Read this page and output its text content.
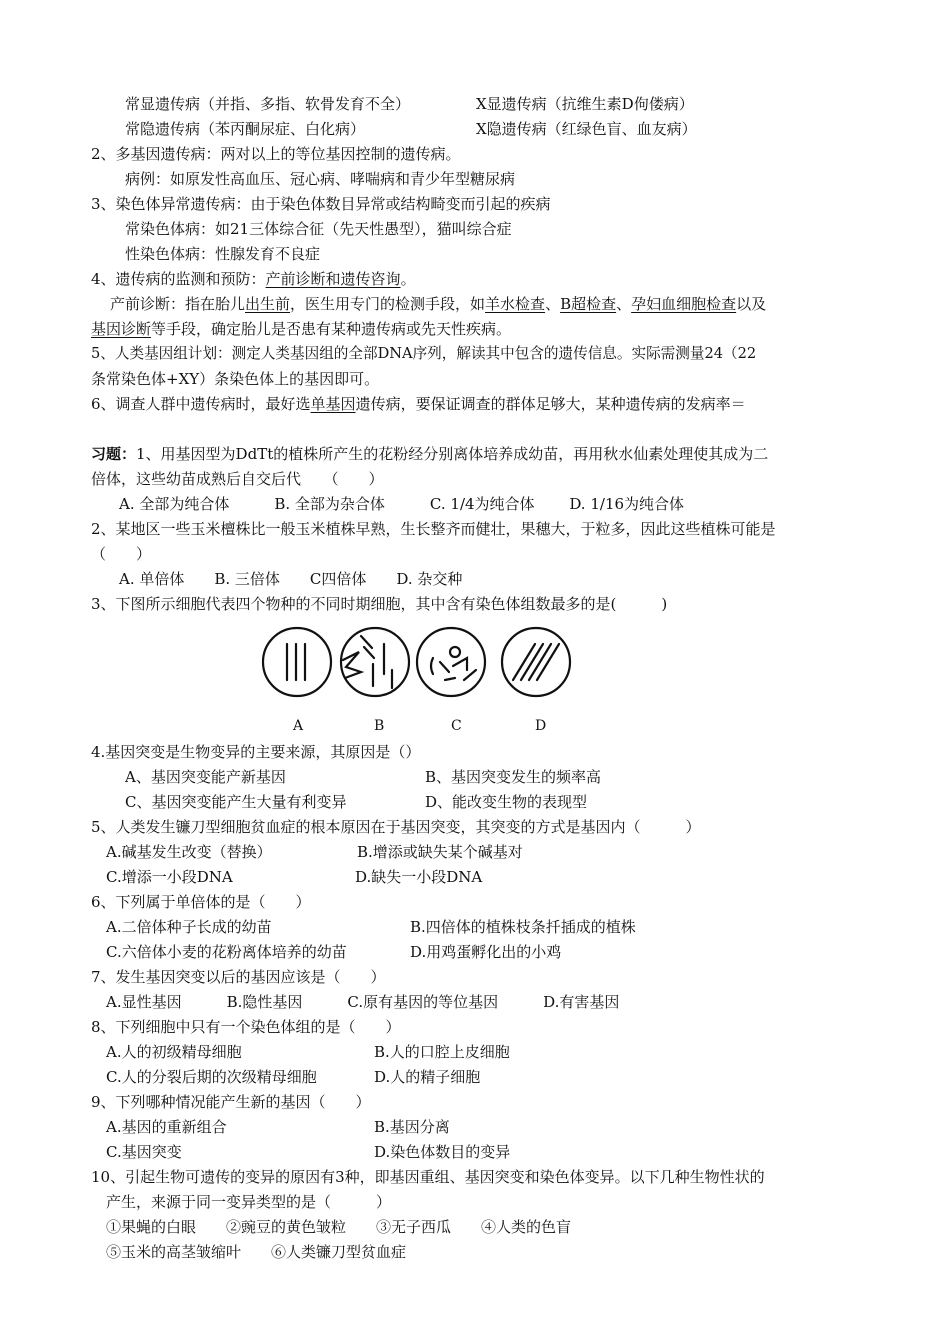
常显遗传病（并指、多指、软骨发育不全）	X显遗传病（抗维生素D佝偻病）
常隐遗传病（苯丙酮尿症、白化病）	X隐遗传病（红绿色盲、血友病）
2、多基因遗传病：两对以上的等位基因控制的遗传病。
病例：如原发性高血压、冠心病、哮喘病和青少年型糖尿病
3、染色体异常遗传病：由于染色体数目异常或结构畸变而引起的疾病
常染色体病：如21三体综合征（先天性愚型），猫叫综合症
性染色体病：性腺发育不良症
4、遗传病的监测和预防：产前诊断和遗传咨询。
产前诊断：指在胎儿出生前，医生用专门的检测手段，如羊水检查、B超检查、孕妇血细胞检查以及
基因诊断等手段，确定胎儿是否患有某种遗传病或先天性疾病。
5、人类基因组计划：测定人类基因组的全部DNA序列，解读其中包含的遗传信息。实际需测量24（22
条常染色体+XY）条染色体上的基因即可。
6、调查人群中遗传病时，最好选单基因遗传病，要保证调查的群体足够大，某种遗传病的发病率＝
习题：1、用基因型为DdTt的植株所产生的花粉经分别离体培养成幼苗，再用秋水仙素处理使其成为二
倍体，这些幼苗成熟后自交后代　　（　　）
A. 全部为纯合体　　　B. 全部为杂合体　　　C. 1/4为纯合体　　 D. 1/16为纯合体
2、某地区一些玉米檀株比一般玉米植株早熟，生长整齐而健壮，果穗大，于粒多，因此这些植株可能是
（　　）
A. 单倍体　　B. 三倍体　　C四倍体　　D. 杂交种
3、下图所示细胞代表四个物种的不同时期细胞，其中含有染色体组数最多的是(　　　)
A	B	C	D
4.基因突变是生物变异的主要来源，其原因是（）
A、基因突变能产新基因	B、基因突变发生的频率高
C、基因突变能产生大量有利变异	D、能改变生物的表现型
5、人类发生镰刀型细胞贫血症的根本原因在于基因突变，其突变的方式是基因内（　　　）
A.碱基发生改变（替换）	B.增添或缺失某个碱基对
C.增添一小段DNA	D.缺失一小段DNA
6、下列属于单倍体的是（　　）
A.二倍体种子长成的幼苗	B.四倍体的植株枝条扦插成的植株
C.六倍体小麦的花粉离体培养的幼苗	D.用鸡蛋孵化出的小鸡
7、发生基因突变以后的基因应该是（　　）
A.显性基因　　　B.隐性基因　　　C.原有基因的等位基因　　　D.有害基因
8、下列细胞中只有一个染色体组的是（　　）
A.人的初级精母细胞	B.人的口腔上皮细胞
C.人的分裂后期的次级精母细胞	D.人的精子细胞
9、下列哪种情况能产生新的基因（　　）
A.基因的重新组合	B.基因分离
C.基因突变	D.染色体数目的变异
10、引起生物可遗传的变异的原因有3种，即基因重组、基因突变和染色体变异。以下几种生物性状的
产生，来源于同一变异类型的是（　　　）
①果蝇的白眼　　②豌豆的黄色皱粒　　③无子西瓜　　④人类的色盲
⑤玉米的高茎皱缩叶　　⑥人类镰刀型贫血症
